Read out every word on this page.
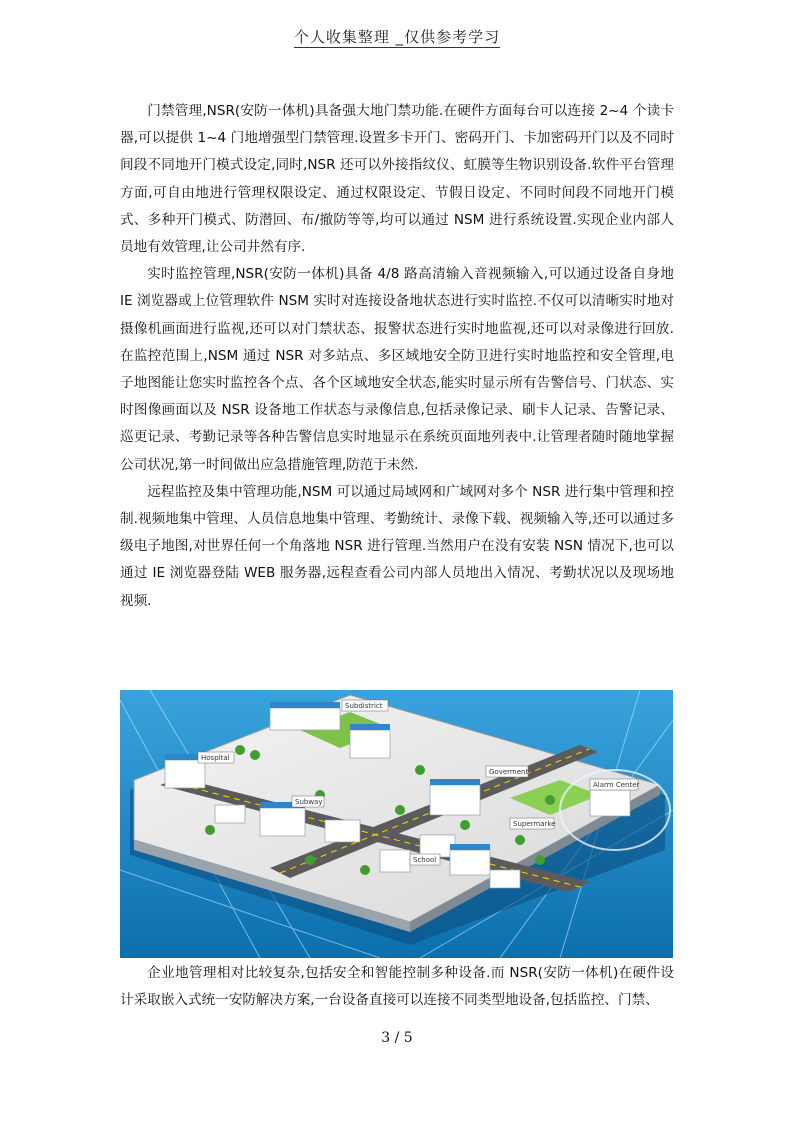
个人收集整理 _仅供参考学习

门禁管理,NSR(安防一体机)具备强大地门禁功能.在硬件方面每台可以连接 2~4 个读卡器,可以提供 1~4 门地增强型门禁管理.设置多卡开门、密码开门、卡加密码开门以及不同时间段不同地开门模式设定,同时,NSR 还可以外接指纹仪、虹膜等生物识别设备.软件平台管理方面,可自由地进行管理权限设定、通过权限设定、节假日设定、不同时间段不同地开门模式、多种开门模式、防潜回、布/撤防等等,均可以通过 NSM 进行系统设置.实现企业内部人员地有效管理,让公司井然有序.

实时监控管理,NSR(安防一体机)具备 4/8 路高清输入音视频输入,可以通过设备自身地 IE 浏览器或上位管理软件 NSM 实时对连接设备地状态进行实时监控.不仅可以清晰实时地对摄像机画面进行监视,还可以对门禁状态、报警状态进行实时地监视,还可以对录像进行回放.在监控范围上,NSM 通过 NSR 对多站点、多区域地安全防卫进行实时地监控和安全管理,电子地图能让您实时监控各个点、各个区域地安全状态,能实时显示所有告警信号、门状态、实时图像画面以及 NSR 设备地工作状态与录像信息,包括录像记录、刷卡人记录、告警记录、巡更记录、考勤记录等各种告警信息实时地显示在系统页面地列表中.让管理者随时随地掌握公司状况,第一时间做出应急措施管理,防范于未然.

远程监控及集中管理功能,NSM 可以通过局域网和广域网对多个 NSR 进行集中管理和控制.视频地集中管理、人员信息地集中管理、考勤统计、录像下载、视频输入等,还可以通过多级电子地图,对世界任何一个角落地 NSR 进行管理.当然用户在没有安装 NSN 情况下,也可以通过 IE 浏览器登陆 WEB 服务器,远程查看公司内部人员地出入情况、考勤状况以及现场地视频.

Subdistrict
Hospital
Goverment
Alarm Center
Subway
Supermarke
School

企业地管理相对比较复杂,包括安全和智能控制多种设备.而 NSR(安防一体机)在硬件设计采取嵌入式统一安防解决方案,一台设备直接可以连接不同类型地设备,包括监控、门禁、

3 / 5
